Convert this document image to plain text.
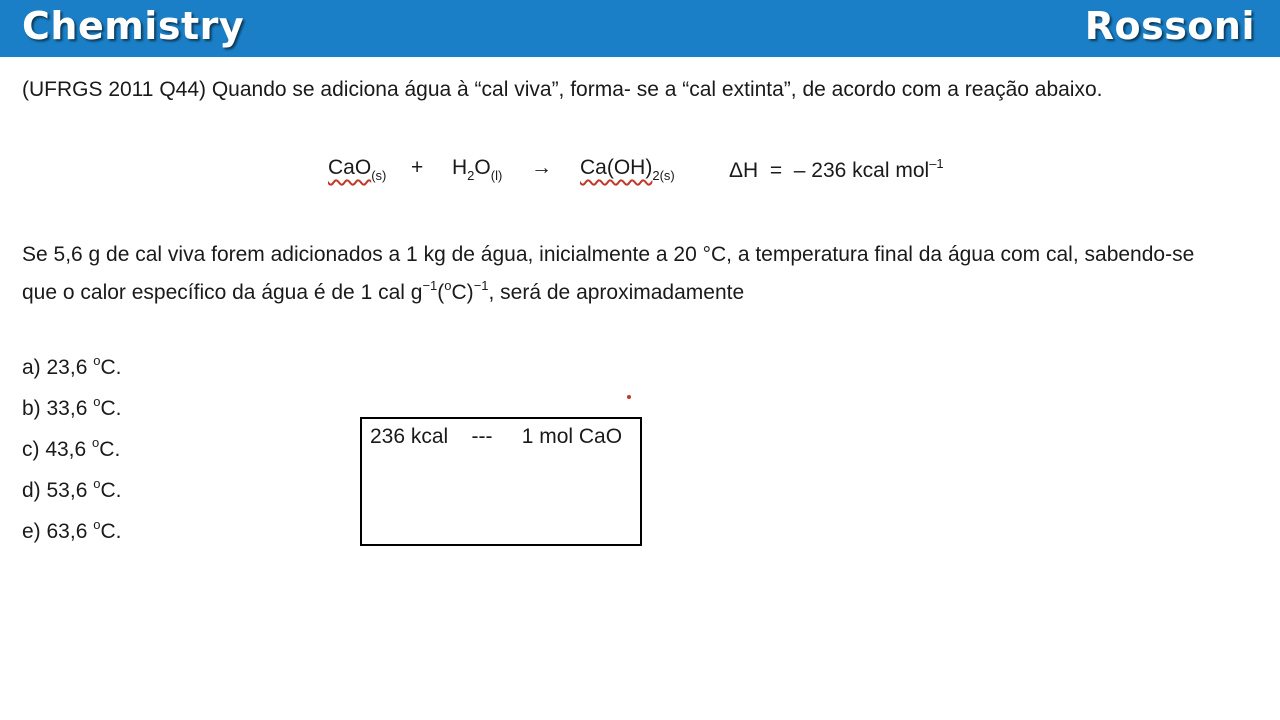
Chemistry	Rossoni
(UFRGS 2011 Q44) Quando se adiciona água à “cal viva”, forma- se a “cal extinta”, de acordo com a reação abaixo.
$CaO_{(s)} + H_2O_{(l)} \to Ca(OH)_{2(s)}$	ΔH  =  – 236 kcal mol$^{-1}$
Se 5,6 g de cal viva forem adicionados a 1 kg de água, inicialmente a 20 °C, a temperatura final da água com cal, sabendo-se
que o calor específico da água é de 1 cal $g^{-1}(^oC)^{-1}$, será de aproximadamente
a) 23,6 $^o$C.
b) 33,6 $^o$C.
c) 43,6 $^o$C.
d) 53,6 $^o$C.
e) 63,6 $^o$C.
236 kcal    ---     1 mol CaO
